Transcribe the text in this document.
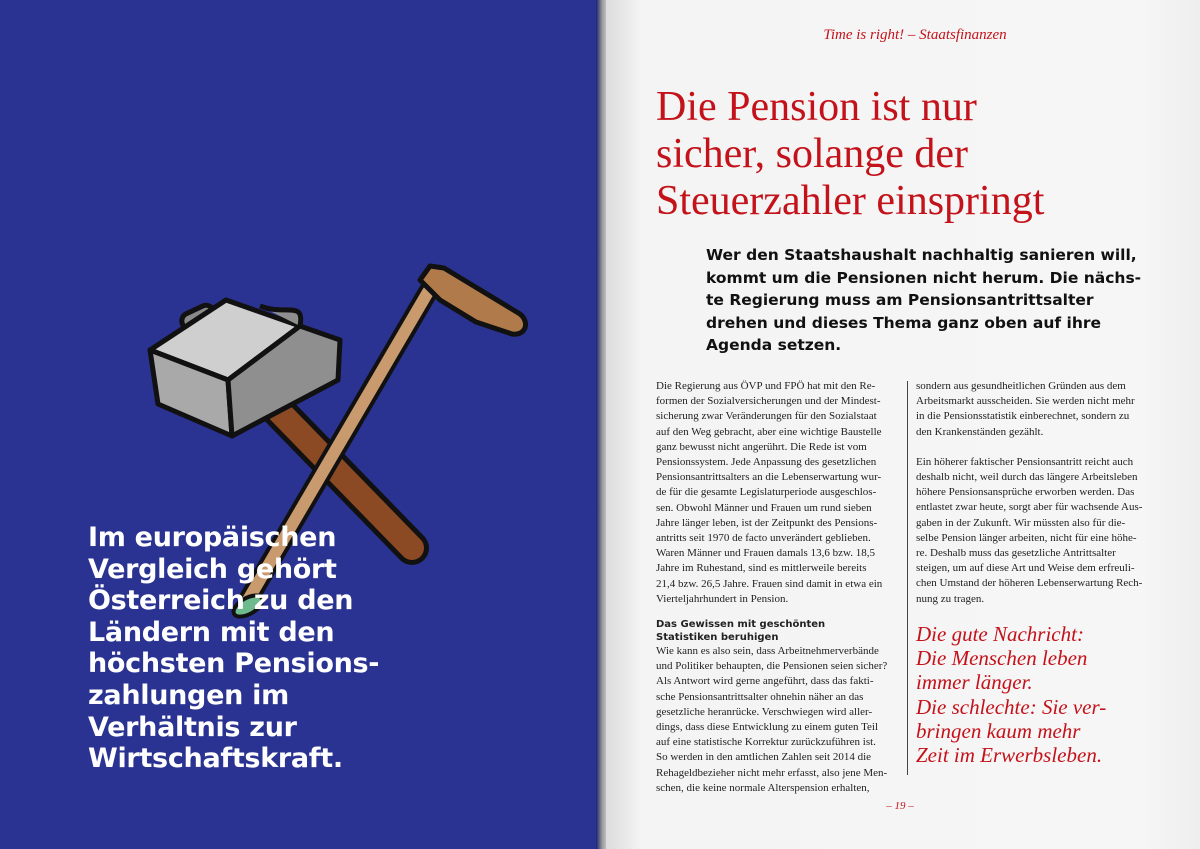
Im europäischen
Vergleich gehört
Österreich zu den
Ländern mit den
höchsten Pensions-
zahlungen im
Verhältnis zur
Wirtschaftskraft.

Time is right! – Staatsfinanzen
Die Pension ist nur
sicher, solange der
Steuerzahler einspringt

Wer den Staatshaushalt nachhaltig sanieren will,
kommt um die Pensionen nicht herum. Die nächs-
te Regierung muss am Pensionsantrittsalter
drehen und dieses Thema ganz oben auf ihre
Agenda setzen.

Die Regierung aus ÖVP und FPÖ hat mit den Re-
formen der Sozialversicherungen und der Mindest-
sicherung zwar Veränderungen für den Sozialstaat
auf den Weg gebracht, aber eine wichtige Baustelle
ganz bewusst nicht angerührt. Die Rede ist vom
Pensionssystem. Jede Anpassung des gesetzlichen
Pensionsantrittsalters an die Lebenserwartung wur-
de für die gesamte Legislaturperiode ausgeschlos-
sen. Obwohl Männer und Frauen um rund sieben
Jahre länger leben, ist der Zeitpunkt des Pensions-
antritts seit 1970 de facto unverändert geblieben.
Waren Männer und Frauen damals 13,6 bzw. 18,5
Jahre im Ruhestand, sind es mittlerweile bereits
21,4 bzw. 26,5 Jahre. Frauen sind damit in etwa ein
Vierteljahrhundert in Pension.
Das Gewissen mit geschönten
Statistiken beruhigen
Wie kann es also sein, dass Arbeitnehmerverbände
und Politiker behaupten, die Pensionen seien sicher?
Als Antwort wird gerne angeführt, dass das fakti-
sche Pensionsantrittsalter ohnehin näher an das
gesetzliche heranrücke. Verschwiegen wird aller-
dings, dass diese Entwicklung zu einem guten Teil
auf eine statistische Korrektur zurückzuführen ist.
So werden in den amtlichen Zahlen seit 2014 die
Rehageldbezieher nicht mehr erfasst, also jene Men-
schen, die keine normale Alterspension erhalten,
sondern aus gesundheitlichen Gründen aus dem
Arbeitsmarkt ausscheiden. Sie werden nicht mehr
in die Pensionsstatistik einberechnet, sondern zu
den Krankenständen gezählt.
Ein höherer faktischer Pensionsantritt reicht auch
deshalb nicht, weil durch das längere Arbeitsleben
höhere Pensionsansprüche erworben werden. Das
entlastet zwar heute, sorgt aber für wachsende Aus-
gaben in der Zukunft. Wir müssten also für die-
selbe Pension länger arbeiten, nicht für eine höhe-
re. Deshalb muss das gesetzliche Antrittsalter
steigen, um auf diese Art und Weise dem erfreuli-
chen Umstand der höheren Lebenserwartung Rech-
nung zu tragen.
Die gute Nachricht:
Die Menschen leben
immer länger.
Die schlechte: Sie ver-
bringen kaum mehr
Zeit im Erwerbsleben.
– 19 –
